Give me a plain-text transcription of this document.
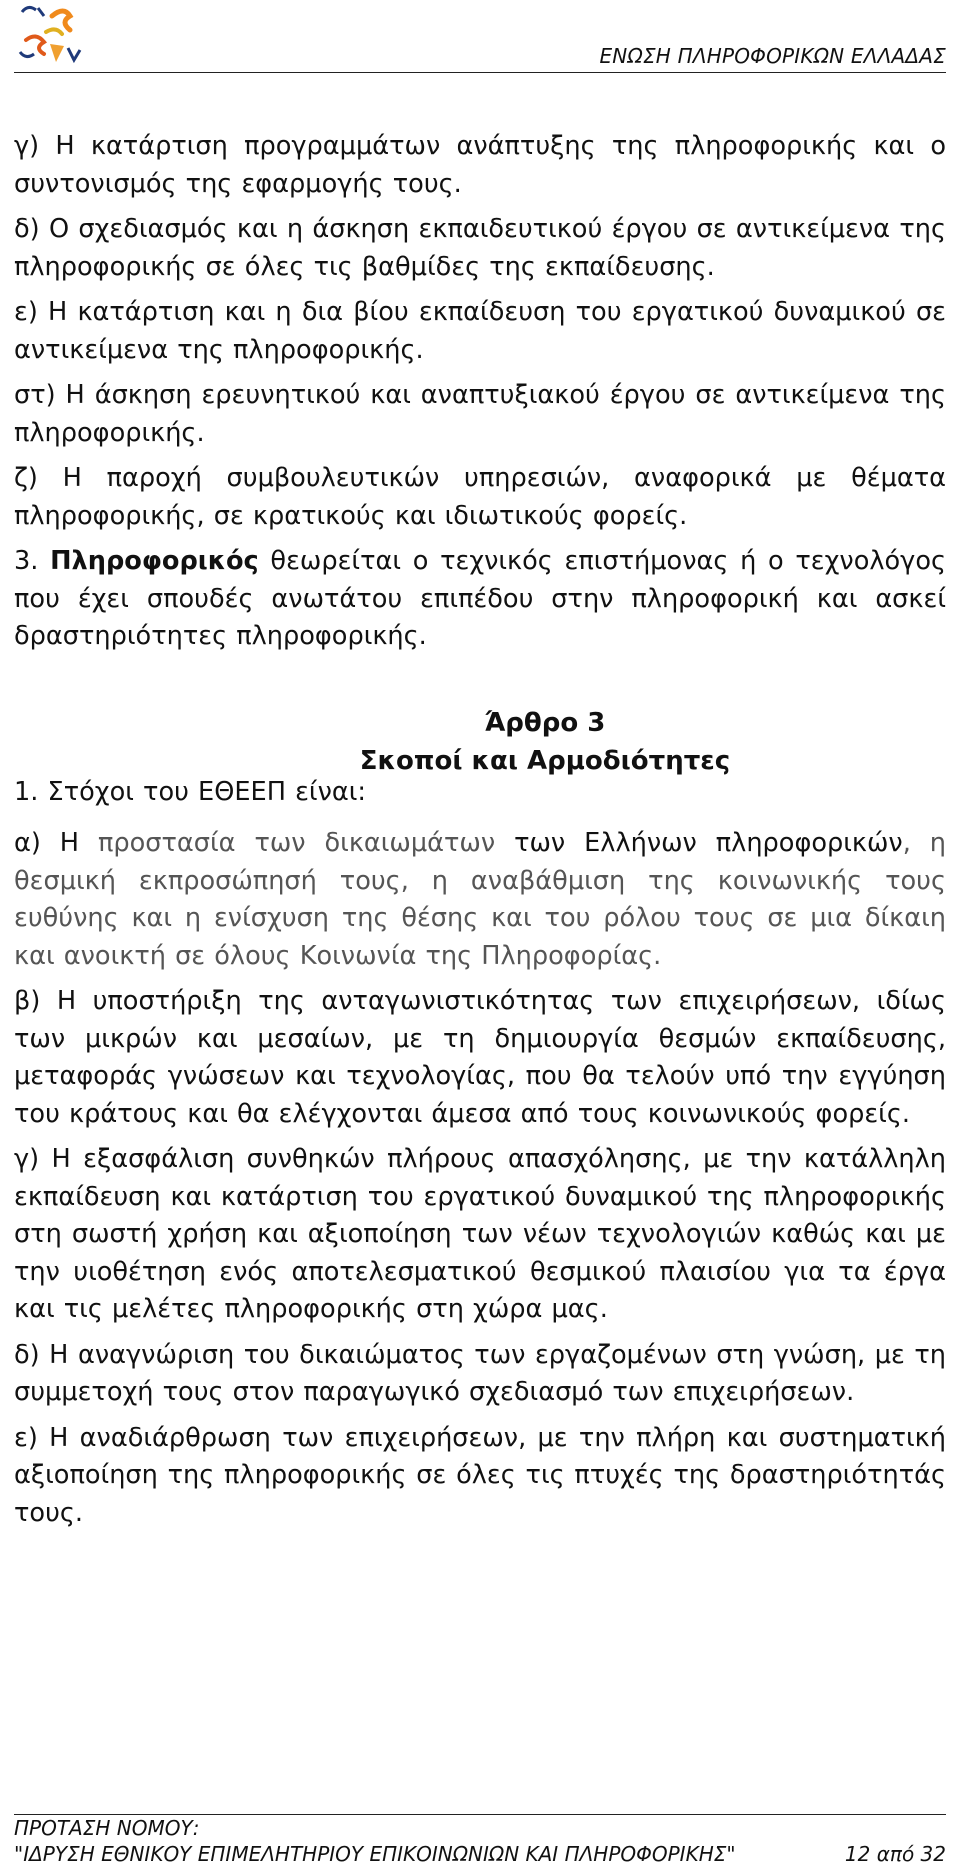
ΕΝΩΣΗ ΠΛΗΡΟΦΟΡΙΚΩΝ ΕΛΛΑΔΑΣ

γ) Η κατάρτιση προγραμμάτων ανάπτυξης της πληροφορικής και ο συντονισμός της εφαρμογής τους.

δ) Ο σχεδιασμός και η άσκηση εκπαιδευτικού έργου σε αντικείμενα της πληροφορικής σε όλες τις βαθμίδες της εκπαίδευσης.

ε) Η κατάρτιση και η δια βίου εκπαίδευση του εργατικού δυναμικού σε αντικείμενα της πληροφορικής.

στ) Η άσκηση ερευνητικού και αναπτυξιακού έργου σε αντικείμενα της πληροφορικής.

ζ) Η παροχή συμβουλευτικών υπηρεσιών, αναφορικά με θέματα πληροφορικής, σε κρατικούς και ιδιωτικούς φορείς.

3. Πληροφορικός θεωρείται ο τεχνικός επιστήμονας ή ο τεχνολόγος που έχει σπουδές ανωτάτου επιπέδου στην πληροφορική και ασκεί δραστηριότητες πληροφορικής.

Άρθρο 3

Σκοποί και Αρμοδιότητες

1. Στόχοι του ΕΘΕΕΠ είναι:

α) Η προστασία των δικαιωμάτων των Ελλήνων πληροφορικών, η θεσμική εκπροσώπησή τους, η αναβάθμιση της κοινωνικής τους ευθύνης και η ενίσχυση της θέσης και του ρόλου τους σε μια δίκαιη και ανοικτή σε όλους Κοινωνία της Πληροφορίας.

β) Η υποστήριξη της ανταγωνιστικότητας των επιχειρήσεων, ιδίως των μικρών και μεσαίων, με τη δημιουργία θεσμών εκπαίδευσης, μεταφοράς γνώσεων και τεχνολογίας, που θα τελούν υπό την εγγύηση του κράτους και θα ελέγχονται άμεσα από τους κοινωνικούς φορείς.

γ) Η εξασφάλιση συνθηκών πλήρους απασχόλησης, με την κατάλληλη εκπαίδευση και κατάρτιση του εργατικού δυναμικού της πληροφορικής στη σωστή χρήση και αξιοποίηση των νέων τεχνολογιών καθώς και με την υιοθέτηση ενός αποτελεσματικού θεσμικού πλαισίου για τα έργα και τις μελέτες πληροφορικής στη χώρα μας.

δ) Η αναγνώριση του δικαιώματος των εργαζομένων στη γνώση, με τη συμμετοχή τους στον παραγωγικό σχεδιασμό των επιχειρήσεων.

ε) Η αναδιάρθρωση των επιχειρήσεων, με την πλήρη και συστηματική αξιοποίηση της πληροφορικής σε όλες τις πτυχές της δραστηριότητάς τους.

ΠΡΟΤΑΣΗ ΝΟΜΟΥ:
"ΙΔΡΥΣΗ ΕΘΝΙΚΟΥ ΕΠΙΜΕΛΗΤΗΡΙΟΥ ΕΠΙΚΟΙΝΩΝΙΩΝ ΚΑΙ ΠΛΗΡΟΦΟΡΙΚΗΣ"	12 από 32
